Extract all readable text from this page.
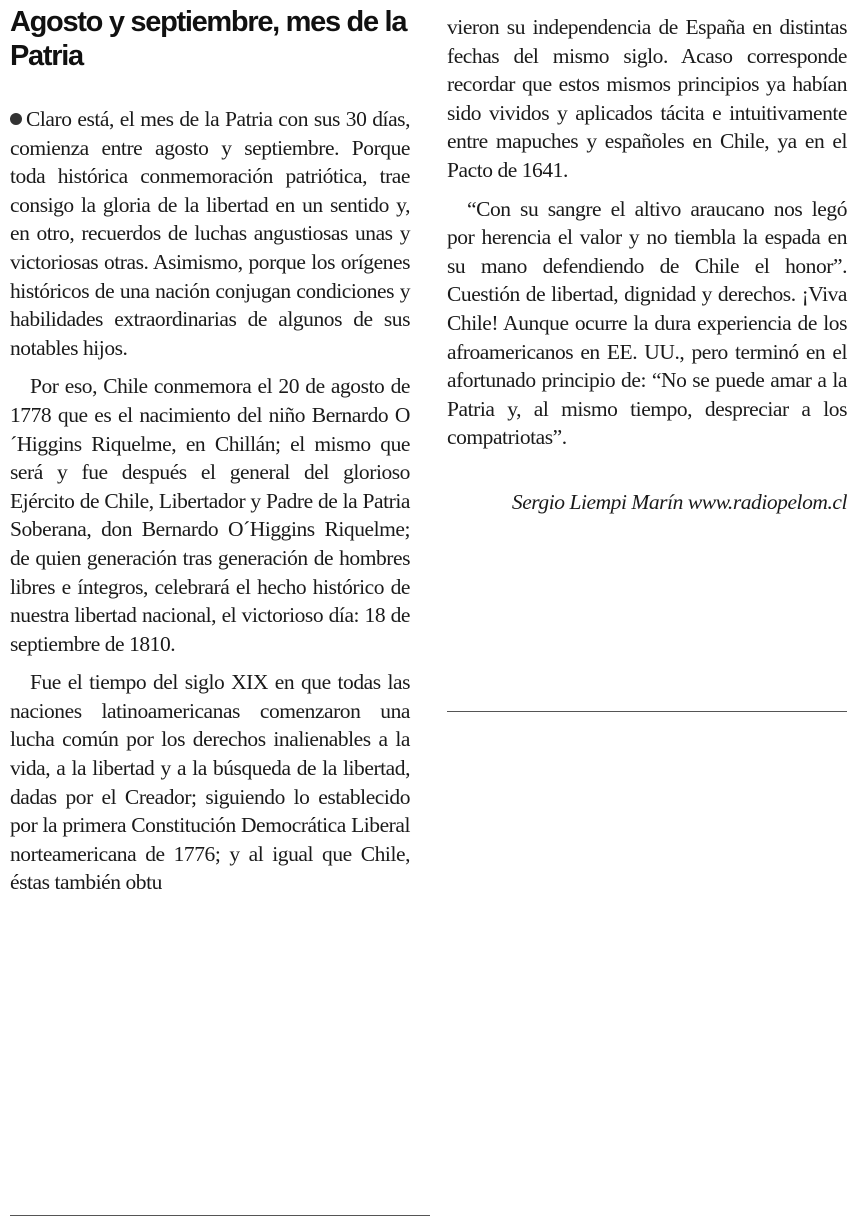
Agosto y septiembre, mes de la Patria

Claro está, el mes de la Patria con sus 30 días, comienza entre agosto y septiembre. Porque toda histórica conmemoración patriótica, trae consigo la gloria de la libertad en un sentido y, en otro, recuerdos de luchas angustiosas unas y victoriosas otras. Asimismo, porque los orígenes históricos de una nación conjugan condiciones y habilidades extraordinarias de algunos de sus notables hijos.

Por eso, Chile conmemora el 20 de agosto de 1778 que es el nacimiento del niño Bernardo O´Higgins Riquelme, en Chillán; el mismo que será y fue después el general del glorioso Ejército de Chile, Libertador y Padre de la Patria Soberana, don Bernardo O´Higgins Riquelme; de quien generación tras generación de hombres libres e íntegros, celebrará el hecho histórico de nuestra libertad nacional, el victorioso día: 18 de septiembre de 1810.

Fue el tiempo del siglo XIX en que todas las naciones latinoamericanas comenzaron una lucha común por los derechos inalienables a la vida, a la libertad y a la búsqueda de la libertad, dadas por el Creador; siguiendo lo establecido por la primera Constitución Democrática Liberal norteamericana de 1776; y al igual que Chile, éstas también obtu

vieron su independencia de España en distintas fechas del mismo siglo. Acaso corresponde recordar que estos mismos principios ya habían sido vividos y aplicados tácita e intuitivamente entre mapuches y españoles en Chile, ya en el Pacto de 1641.

“Con su sangre el altivo araucano nos legó por herencia el valor y no tiembla la espada en su mano defendiendo de Chile el honor”. Cuestión de libertad, dignidad y derechos. ¡Viva Chile! Aunque ocurre la dura experiencia de los afroamericanos en EE. UU., pero terminó en el afortunado principio de: “No se puede amar a la Patria y, al mismo tiempo, despreciar a los compatriotas”.

Sergio Liempi Marín www.radiopelom.cl
